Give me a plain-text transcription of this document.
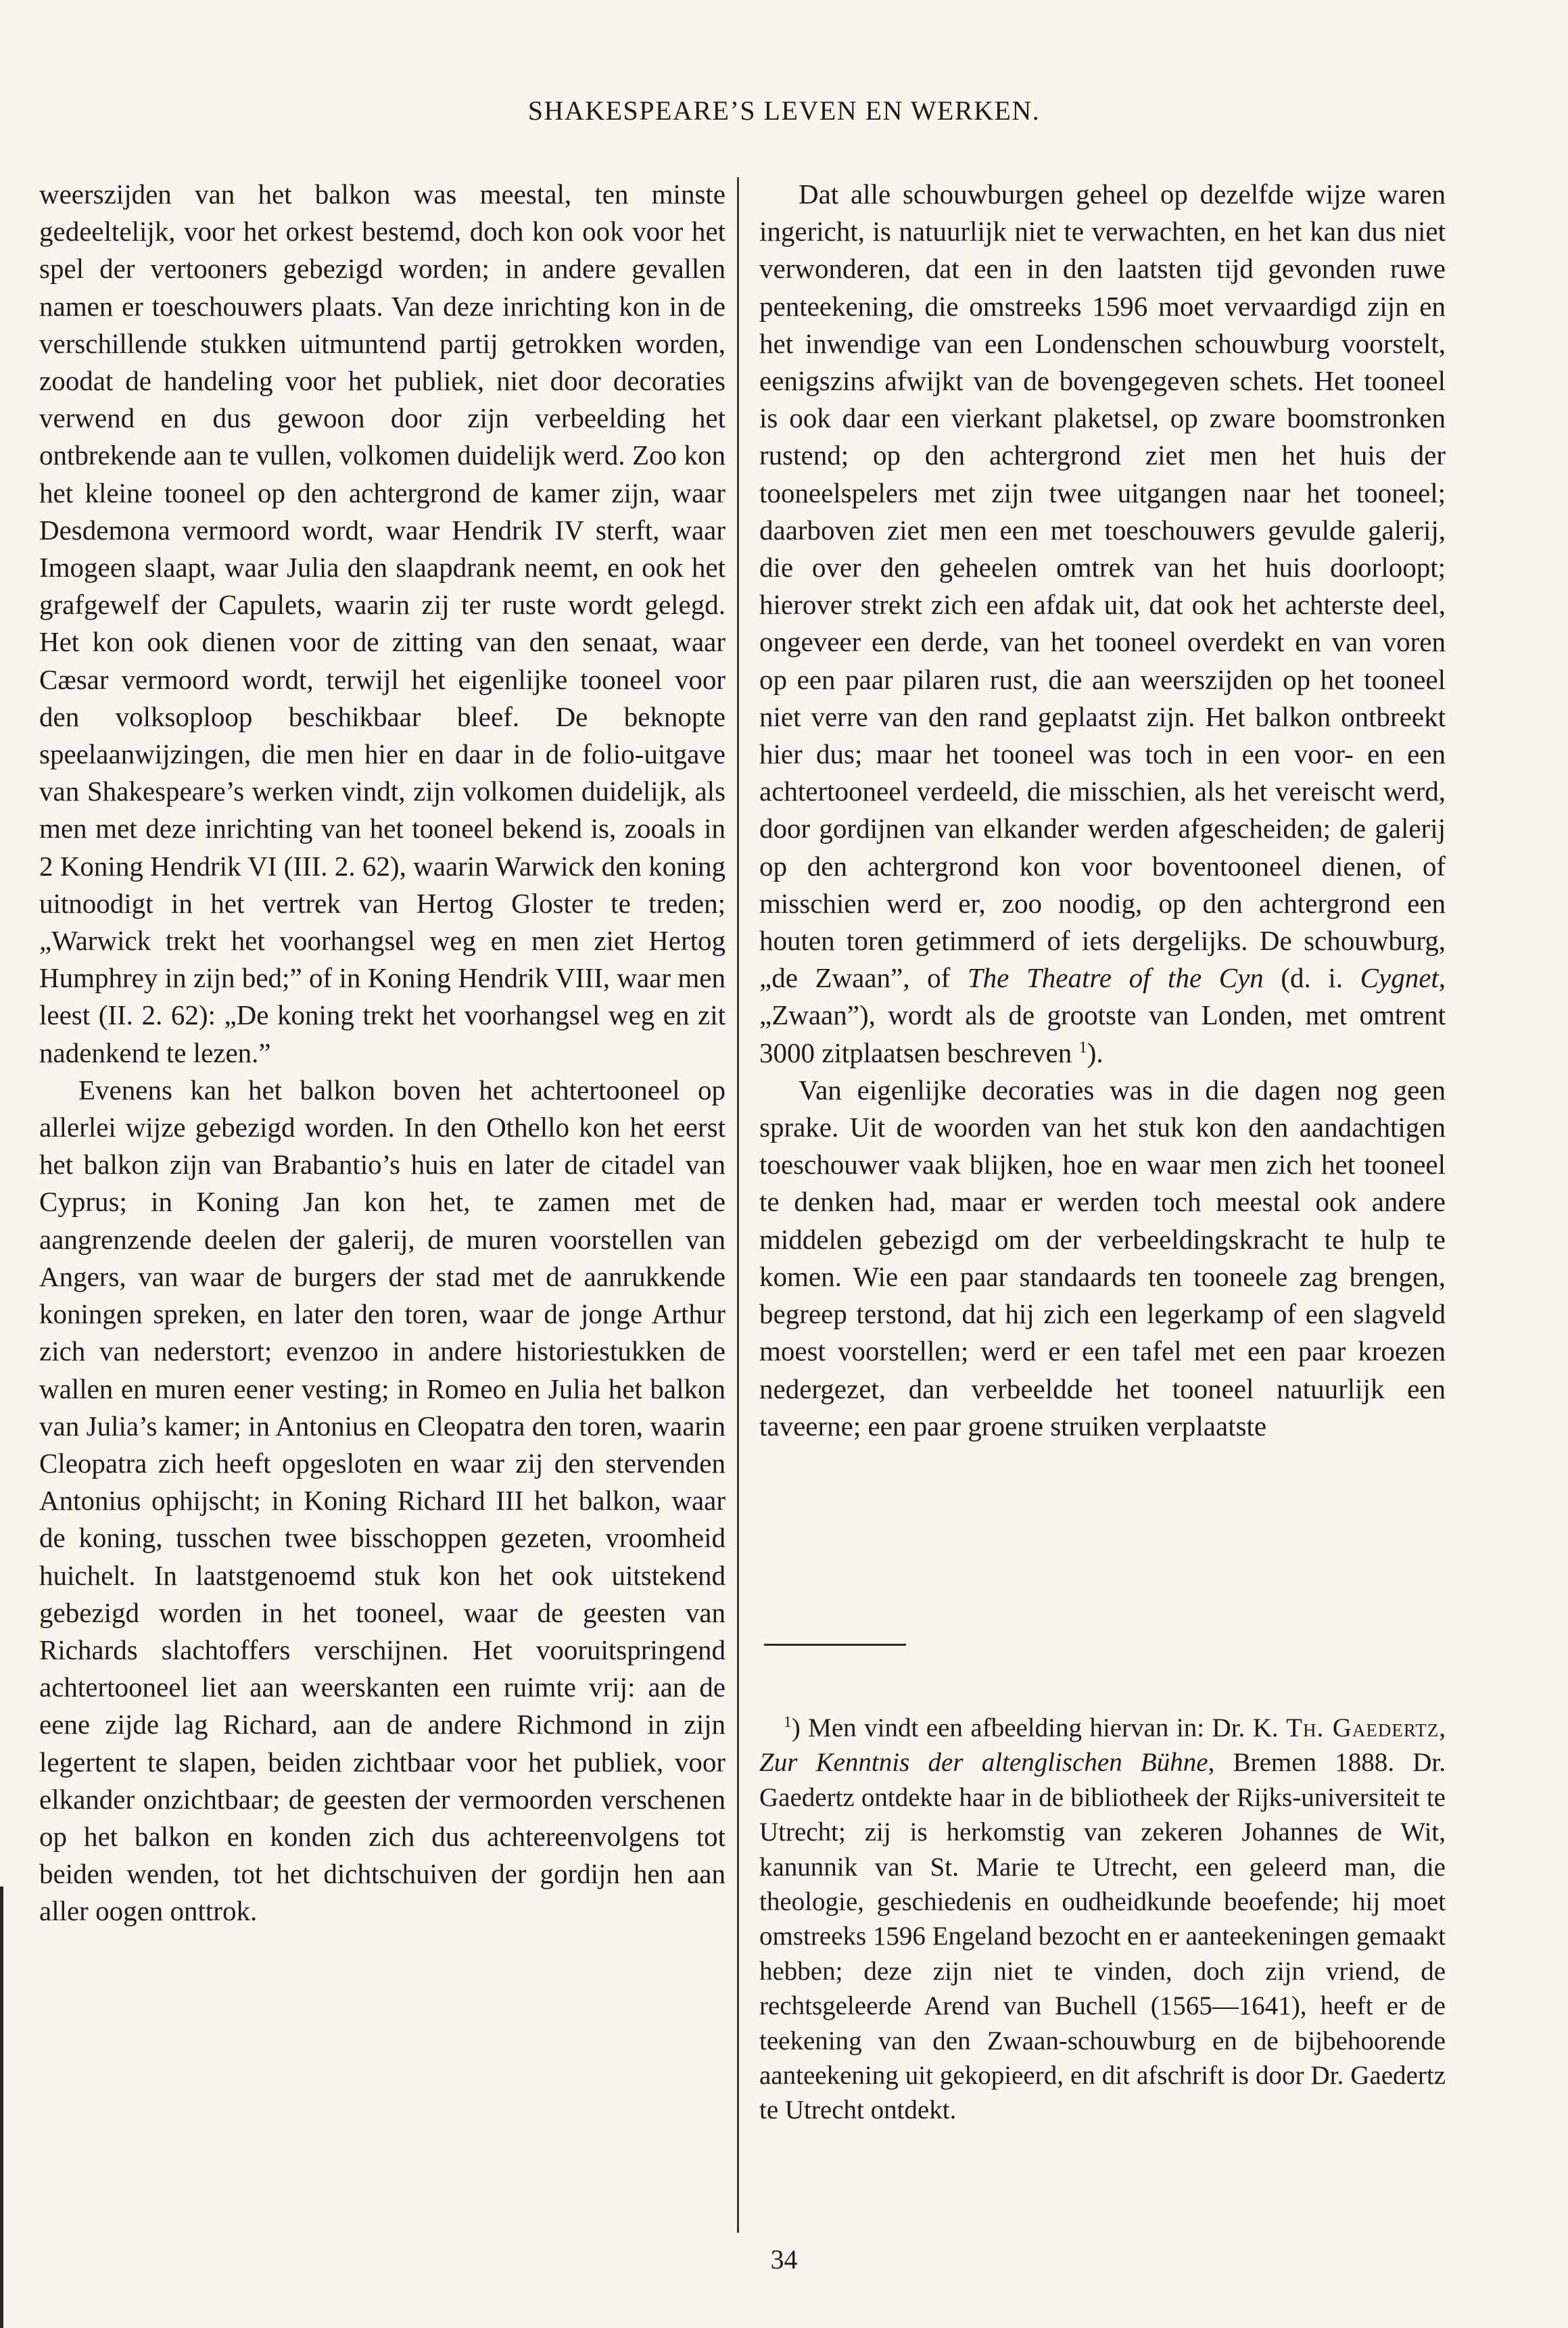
SHAKESPEARE’S LEVEN EN WERKEN.

weerszijden van het balkon was meestal, ten minste gedeeltelijk, voor het orkest bestemd, doch kon ook voor het spel der vertooners gebezigd worden; in andere gevallen namen er toeschouwers plaats. Van deze inrichting kon in de verschillende stukken uitmuntend partij getrokken worden, zoodat de handeling voor het publiek, niet door decoraties verwend en dus gewoon door zijn verbeelding het ontbrekende aan te vullen, volkomen duidelijk werd. Zoo kon het kleine tooneel op den achtergrond de kamer zijn, waar Desdemona vermoord wordt, waar Hendrik IV sterft, waar Imogeen slaapt, waar Julia den slaapdrank neemt, en ook het grafgewelf der Capulets, waarin zij ter ruste wordt gelegd. Het kon ook dienen voor de zitting van den senaat, waar Cæsar vermoord wordt, terwijl het eigenlijke tooneel voor den volksoploop beschikbaar bleef. De beknopte speelaanwijzingen, die men hier en daar in de folio-uitgave van Shakespeare’s werken vindt, zijn volkomen duidelijk, als men met deze inrichting van het tooneel bekend is, zooals in 2 Koning Hendrik VI (III. 2. 62), waarin Warwick den koning uitnoodigt in het vertrek van Hertog Gloster te treden; „Warwick trekt het voorhangsel weg en men ziet Hertog Humphrey in zijn bed;” of in Koning Hendrik VIII, waar men leest (II. 2. 62): „De koning trekt het voorhangsel weg en zit nadenkend te lezen.”

Evenens kan het balkon boven het achtertooneel op allerlei wijze gebezigd worden. In den Othello kon het eerst het balkon zijn van Brabantio’s huis en later de citadel van Cyprus; in Koning Jan kon het, te zamen met de aangrenzende deelen der galerij, de muren voorstellen van Angers, van waar de burgers der stad met de aanrukkende koningen spreken, en later den toren, waar de jonge Arthur zich van nederstort; evenzoo in andere historiestukken de wallen en muren eener vesting; in Romeo en Julia het balkon van Julia’s kamer; in Antonius en Cleopatra den toren, waarin Cleopatra zich heeft opgesloten en waar zij den stervenden Antonius ophijscht; in Koning Richard III het balkon, waar de koning, tusschen twee bisschoppen gezeten, vroomheid huichelt. In laatstgenoemd stuk kon het ook uitstekend gebezigd worden in het tooneel, waar de geesten van Richards slachtoffers verschijnen. Het vooruitspringend achtertooneel liet aan weerskanten een ruimte vrij: aan de eene zijde lag Richard, aan de andere Richmond in zijn legertent te slapen, beiden zichtbaar voor het publiek, voor elkander onzichtbaar; de geesten der vermoorden verschenen op het balkon en konden zich dus achtereenvolgens tot beiden wenden, tot het dichtschuiven der gordijn hen aan aller oogen onttrok.

Dat alle schouwburgen geheel op dezelfde wijze waren ingericht, is natuurlijk niet te verwachten, en het kan dus niet verwonderen, dat een in den laatsten tijd gevonden ruwe penteekening, die omstreeks 1596 moet vervaardigd zijn en het inwendige van een Londenschen schouwburg voorstelt, eenigszins afwijkt van de bovengegeven schets. Het tooneel is ook daar een vierkant plaketsel, op zware boomstronken rustend; op den achtergrond ziet men het huis der tooneelspelers met zijn twee uitgangen naar het tooneel; daarboven ziet men een met toeschouwers gevulde galerij, die over den geheelen omtrek van het huis doorloopt; hierover strekt zich een afdak uit, dat ook het achterste deel, ongeveer een derde, van het tooneel overdekt en van voren op een paar pilaren rust, die aan weerszijden op het tooneel niet verre van den rand geplaatst zijn. Het balkon ontbreekt hier dus; maar het tooneel was toch in een voor- en een achtertooneel verdeeld, die misschien, als het vereischt werd, door gordijnen van elkander werden afgescheiden; de galerij op den achtergrond kon voor boventooneel dienen, of misschien werd er, zoo noodig, op den achtergrond een houten toren getimmerd of iets dergelijks. De schouwburg, „de Zwaan”, of The Theatre of the Cyn (d. i. Cygnet, „Zwaan”), wordt als de grootste van Londen, met omtrent 3000 zitplaatsen beschreven $^1$).

Van eigenlijke decoraties was in die dagen nog geen sprake. Uit de woorden van het stuk kon den aandachtigen toeschouwer vaak blijken, hoe en waar men zich het tooneel te denken had, maar er werden toch meestal ook andere middelen gebezigd om der verbeeldingskracht te hulp te komen. Wie een paar standaards ten tooneele zag brengen, begreep terstond, dat hij zich een legerkamp of een slagveld moest voorstellen; werd er een tafel met een paar kroezen nedergezet, dan verbeeldde het tooneel natuurlijk een taveerne; een paar groene struiken verplaatste

$^1$) Men vindt een afbeelding hiervan in: Dr. K. Th. Gaedertz, Zur Kenntnis der altenglischen Bühne, Bremen 1888. Dr. Gaedertz ontdekte haar in de bibliotheek der Rijks-universiteit te Utrecht; zij is herkomstig van zekeren Johannes de Wit, kanunnik van St. Marie te Utrecht, een geleerd man, die theologie, geschiedenis en oudheidkunde beoefende; hij moet omstreeks 1596 Engeland bezocht en er aanteekeningen gemaakt hebben; deze zijn niet te vinden, doch zijn vriend, de rechtsgeleerde Arend van Buchell (1565—1641), heeft er de teekening van den Zwaan-schouwburg en de bijbehoorende aanteekening uit gekopieerd, en dit afschrift is door Dr. Gaedertz te Utrecht ontdekt.

34
